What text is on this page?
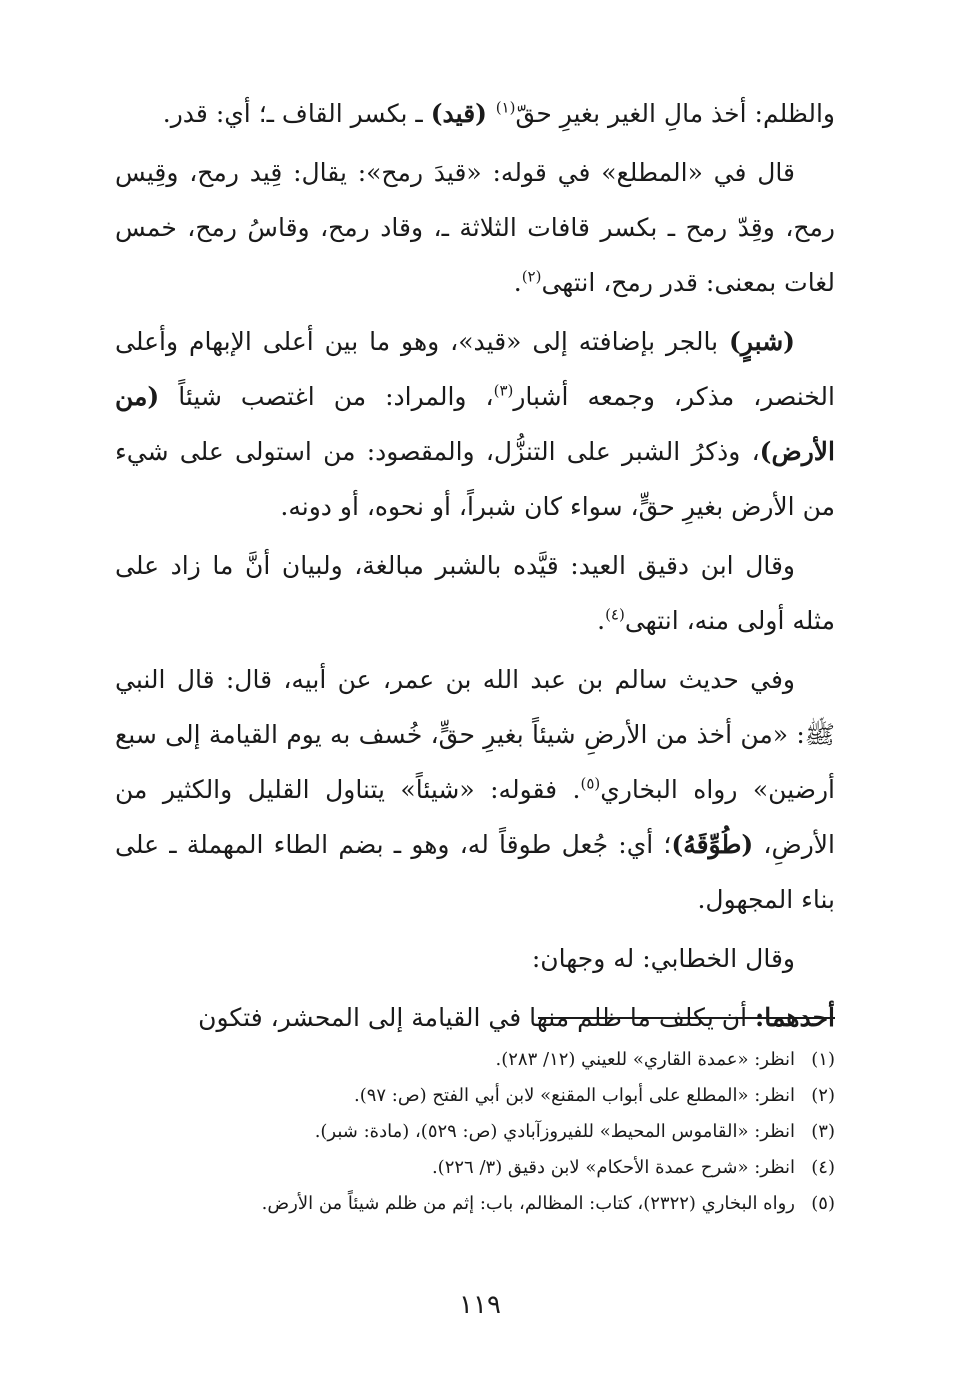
والظلم: أخذ مالِ الغير بغيرِ حقّ$^{(١)}$ (قيد) ـ بكسر القاف ـ؛ أي: قدر.

قال في «المطلع» في قوله: «قيدَ رمح»: يقال: قِيد رمح، وقِيس رمح، وقِدّ رمح ـ بكسر قافات الثلاثة ـ، وقاد رمح، وقاسُ رمح، خمس لغات بمعنى: قدر رمح، انتهى$^{(٢)}$.

(شبرٍ) بالجر بإضافته إلى «قيد»، وهو ما بين أعلى الإبهام وأعلى الخنصر، مذكر، وجمعه أشبار$^{(٣)}$، والمراد: من اغتصب شيئاً (من الأرض)، وذكرُ الشبر على التنزُّل، والمقصود: من استولى على شيء من الأرض بغيرِ حقٍّ، سواء كان شبراً، أو نحوه، أو دونه.

وقال ابن دقيق العيد: قيَّده بالشبر مبالغة، ولبيان أنَّ ما زاد على مثله أولى منه، انتهى$^{(٤)}$.

وفي حديث سالم بن عبد الله بن عمر، عن أبيه، قال: قال النبي ﷺ: «من أخذ من الأرضِ شيئاً بغيرِ حقٍّ، خُسف به يوم القيامة إلى سبع أرضين» رواه البخاري$^{(٥)}$. فقوله: «شيئاً» يتناول القليل والكثير من الأرضِ، (طُوِّقَهُ)؛ أي: جُعل طوقاً له، وهو ـ بضم الطاء المهملة ـ على بناء المجهول.

وقال الخطابي: له وجهان:

أحدهما: أن يكلف ما ظلم منها في القيامة إلى المحشر، فتكون

(١)انظر: «عمدة القاري» للعيني (١٢/ ٢٨٣).
(٢)انظر: «المطلع على أبواب المقنع» لابن أبي الفتح (ص: ٩٧).
(٣)انظر: «القاموس المحيط» للفيروزآبادي (ص: ٥٢٩)، (مادة: شبر).
(٤)انظر: «شرح عمدة الأحكام» لابن دقيق (٣/ ٢٢٦).
(٥)رواه البخاري (٢٣٢٢)، كتاب: المظالم، باب: إثم من ظلم شيئاً من الأرض.
١١٩
